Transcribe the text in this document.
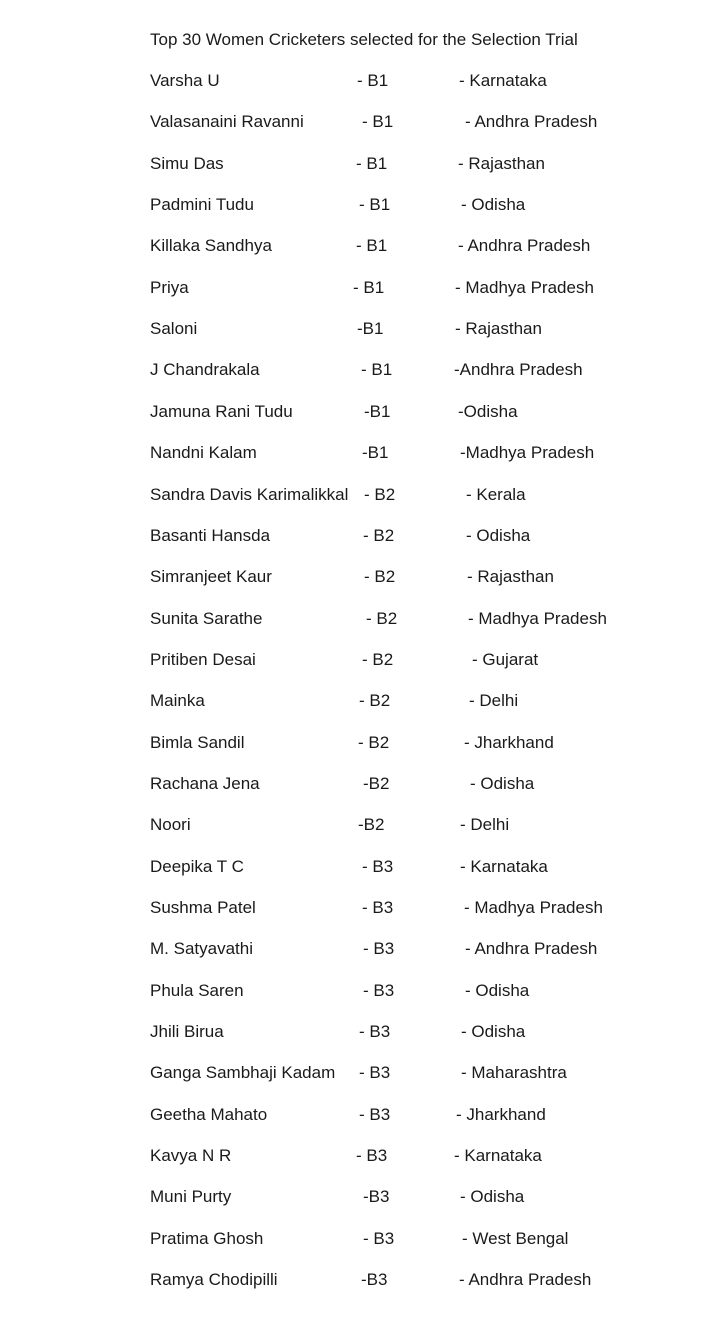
Top 30 Women Cricketers selected for the Selection Trial
Varsha U	- B1	- Karnataka
Valasanaini Ravanni	- B1	- Andhra Pradesh
Simu Das	- B1	- Rajasthan
Padmini Tudu	- B1	- Odisha
Killaka Sandhya	- B1	- Andhra Pradesh
Priya	- B1	- Madhya Pradesh
Saloni	-B1	- Rajasthan
J Chandrakala	- B1	-Andhra Pradesh
Jamuna Rani Tudu	-B1	-Odisha
Nandni Kalam	-B1	-Madhya Pradesh
Sandra Davis Karimalikkal - B2	- Kerala
Basanti Hansda	- B2	- Odisha
Simranjeet Kaur	- B2	- Rajasthan
Sunita Sarathe	- B2	- Madhya Pradesh
Pritiben Desai	- B2	- Gujarat
Mainka	- B2	- Delhi
Bimla Sandil	- B2	- Jharkhand
Rachana Jena	-B2	- Odisha
Noori	-B2	- Delhi
Deepika T C	- B3	- Karnataka
Sushma Patel	- B3	- Madhya Pradesh
M. Satyavathi	- B3	- Andhra Pradesh
Phula Saren	- B3	- Odisha
Jhili Birua	- B3	- Odisha
Ganga Sambhaji Kadam - B3	- Maharashtra
Geetha Mahato	- B3	- Jharkhand
Kavya N R	- B3	- Karnataka
Muni Purty	-B3	- Odisha
Pratima Ghosh	- B3	- West Bengal
Ramya Chodipilli	-B3	- Andhra Pradesh
